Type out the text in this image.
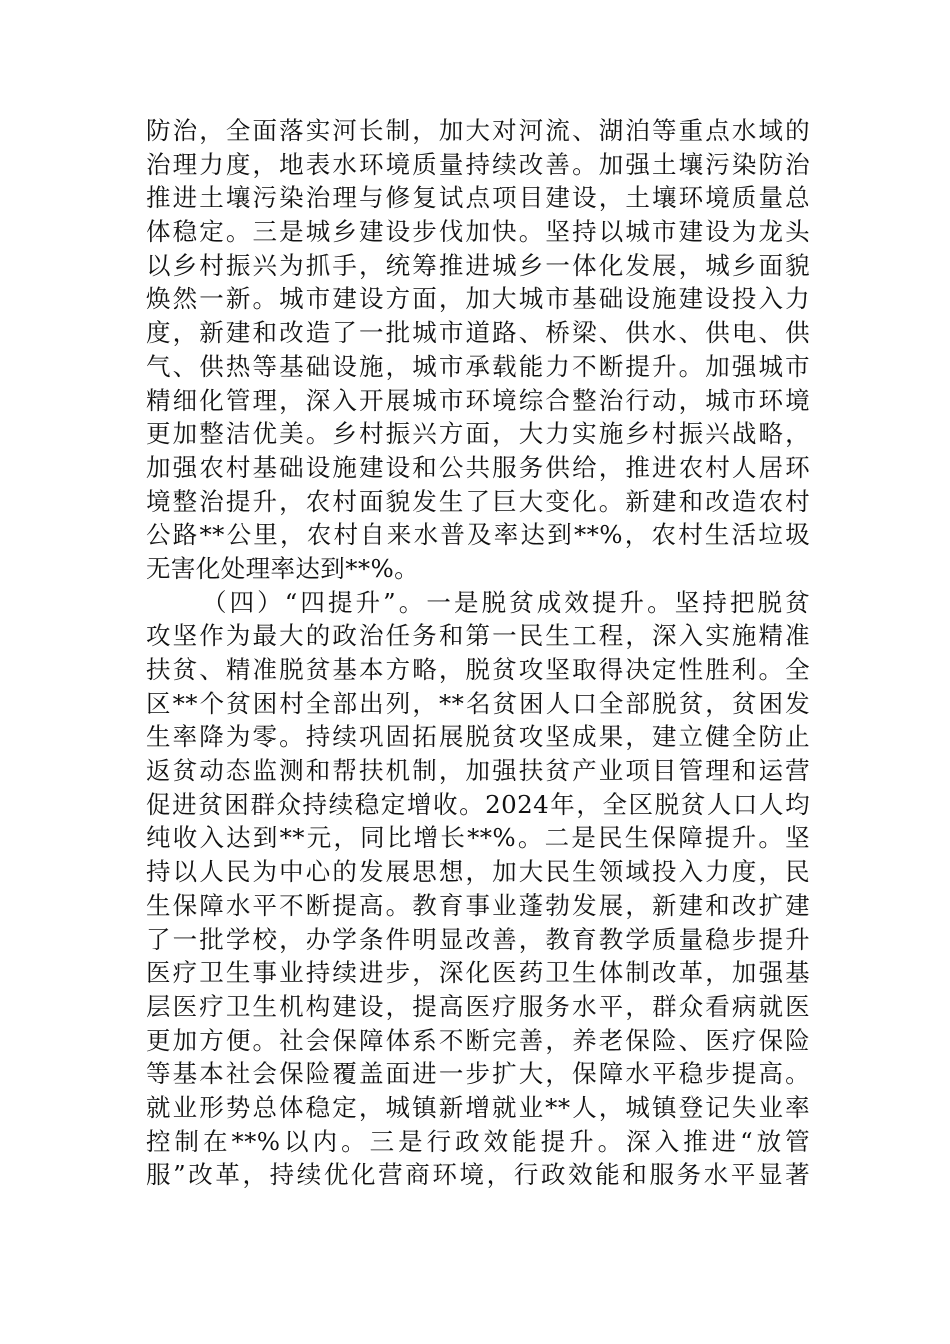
防治，全面落实河长制，加大对河流、湖泊等重点水域的
治理力度，地表水环境质量持续改善。加强土壤污染防治
推进土壤污染治理与修复试点项目建设，土壤环境质量总
体稳定。三是城乡建设步伐加快。坚持以城市建设为龙头
以乡村振兴为抓手，统筹推进城乡一体化发展，城乡面貌
焕然一新。城市建设方面，加大城市基础设施建设投入力
度，新建和改造了一批城市道路、桥梁、供水、供电、供
气、供热等基础设施，城市承载能力不断提升。加强城市
精细化管理，深入开展城市环境综合整治行动，城市环境
更加整洁优美。乡村振兴方面，大力实施乡村振兴战略，
加强农村基础设施建设和公共服务供给，推进农村人居环
境整治提升，农村面貌发生了巨大变化。新建和改造农村
公路**公里，农村自来水普及率达到**%，农村生活垃圾
无害化处理率达到**%。
（四）“四提升”。一是脱贫成效提升。坚持把脱贫
攻坚作为最大的政治任务和第一民生工程，深入实施精准
扶贫、精准脱贫基本方略，脱贫攻坚取得决定性胜利。全
区**个贫困村全部出列，**名贫困人口全部脱贫，贫困发
生率降为零。持续巩固拓展脱贫攻坚成果，建立健全防止
返贫动态监测和帮扶机制，加强扶贫产业项目管理和运营
促进贫困群众持续稳定增收。2024年，全区脱贫人口人均
纯收入达到**元，同比增长**%。二是民生保障提升。坚
持以人民为中心的发展思想，加大民生领域投入力度，民
生保障水平不断提高。教育事业蓬勃发展，新建和改扩建
了一批学校，办学条件明显改善，教育教学质量稳步提升
医疗卫生事业持续进步，深化医药卫生体制改革，加强基
层医疗卫生机构建设，提高医疗服务水平，群众看病就医
更加方便。社会保障体系不断完善，养老保险、医疗保险
等基本社会保险覆盖面进一步扩大，保障水平稳步提高。
就业形势总体稳定，城镇新增就业**人，城镇登记失业率
控制在**%以内。三是行政效能提升。深入推进“放管
服”改革，持续优化营商环境，行政效能和服务水平显著
